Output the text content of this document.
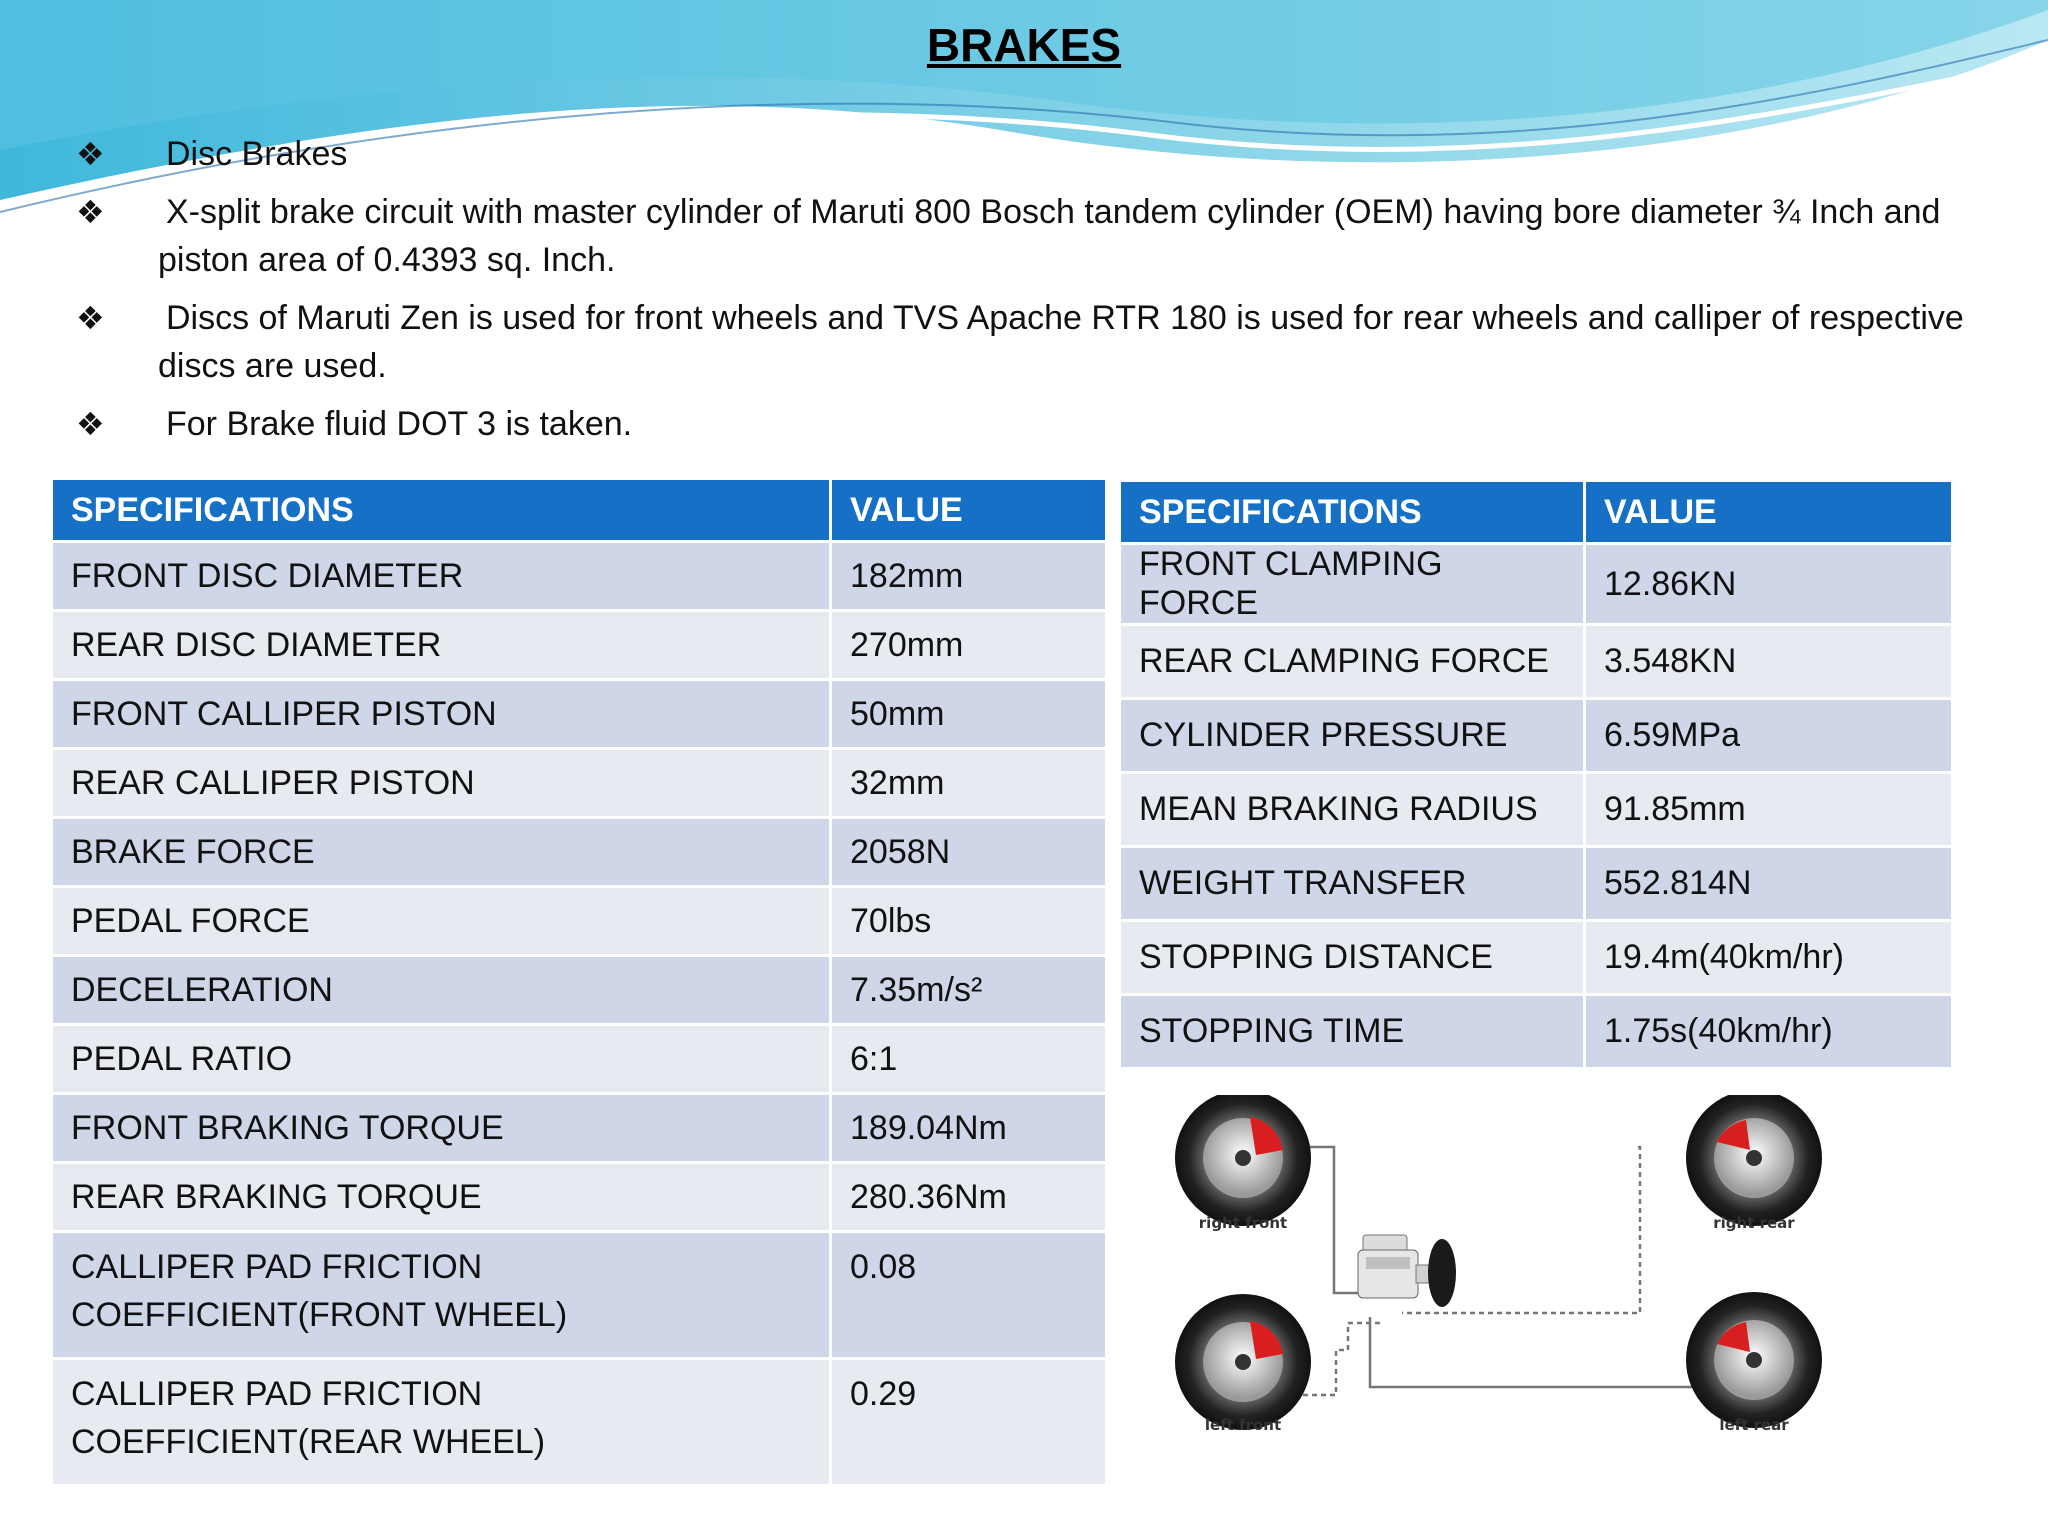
BRAKES
❖ Disc Brakes
❖ X-split brake circuit with master cylinder of Maruti 800 Bosch tandem cylinder (OEM) having bore diameter ¾ Inch and piston area of 0.4393 sq. Inch.
❖ Discs of Maruti Zen is used for front wheels and TVS Apache RTR 180 is used for rear wheels and calliper of respective discs are used.
❖ For Brake fluid DOT 3 is taken.
SPECIFICATIONS	VALUE
FRONT DISC DIAMETER	182mm
REAR DISC DIAMETER	270mm
FRONT CALLIPER PISTON	50mm
REAR CALLIPER PISTON	32mm
BRAKE FORCE	2058N
PEDAL FORCE	70lbs
DECELERATION	7.35m/s²
PEDAL RATIO	6:1
FRONT BRAKING TORQUE	189.04Nm
REAR BRAKING TORQUE	280.36Nm

CALLIPER PAD FRICTION
COEFFICIENT(FRONT WHEEL)	0.08

CALLIPER PAD FRICTION
COEFFICIENT(REAR WHEEL)	0.29
SPECIFICATIONS	VALUE
FRONT CLAMPING FORCE	12.86KN
REAR CLAMPING FORCE	3.548KN
CYLINDER PRESSURE	6.59MPa
MEAN BRAKING RADIUS	91.85mm
WEIGHT TRANSFER	552.814N
STOPPING DISTANCE	19.4m(40km/hr)
STOPPING TIME	1.75s(40km/hr)
right front	right rear
left front	left rear
